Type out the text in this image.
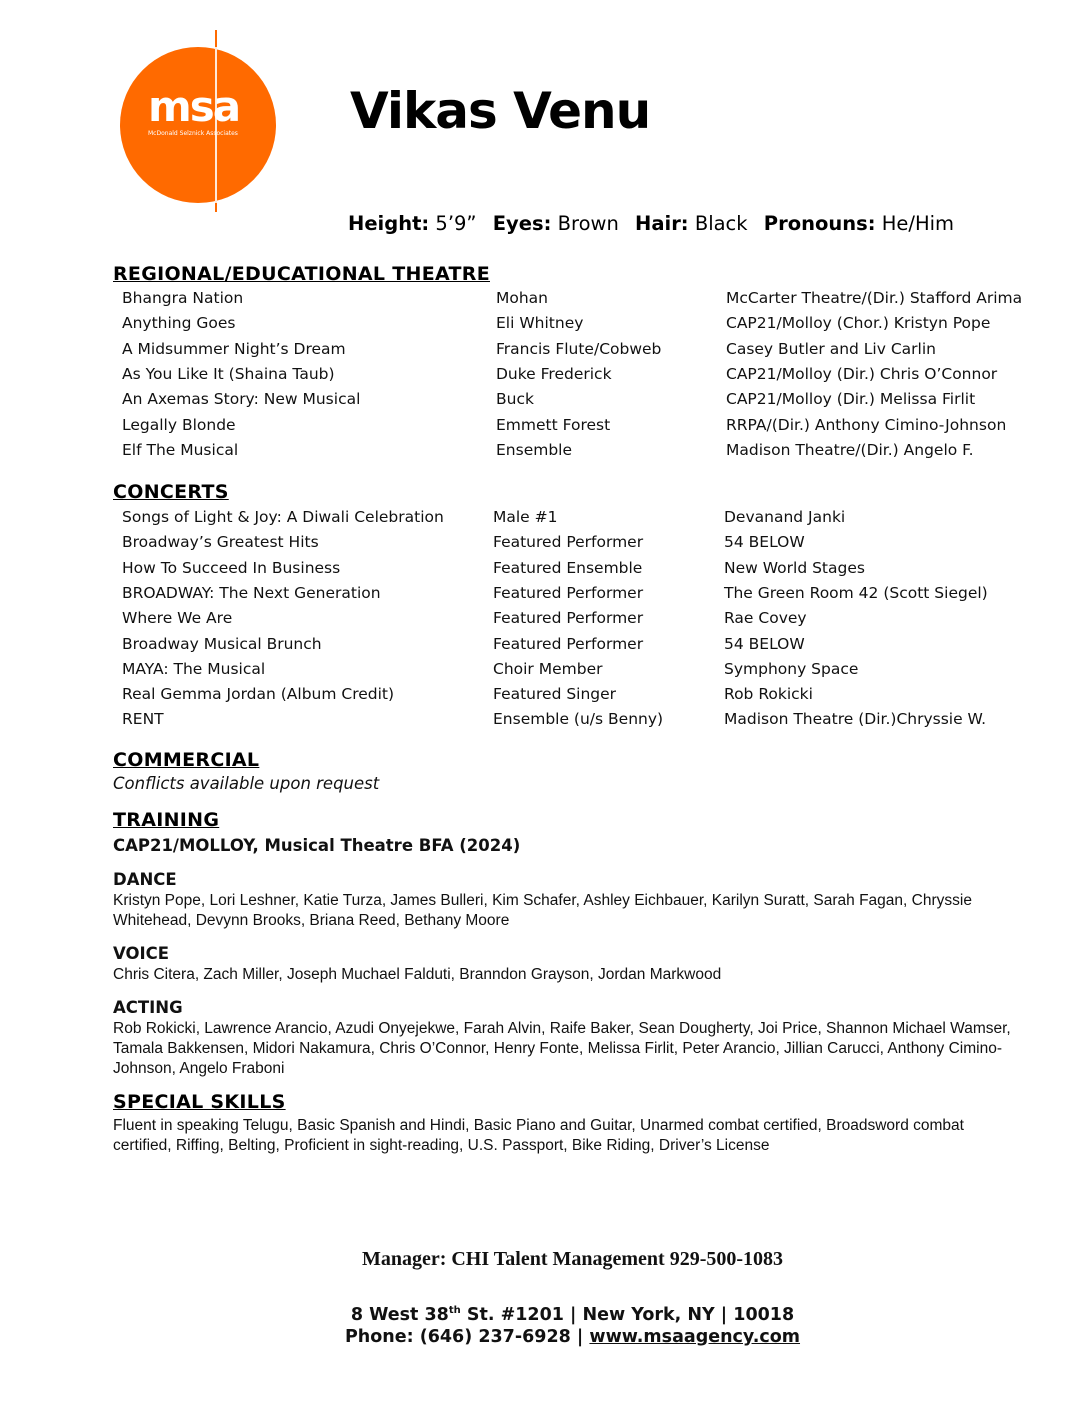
msa
McDonald Selznick Associates	Vikas Venu
Height: 5’9” Eyes: Brown Hair: Black Pronouns: He/Him
REGIONAL/EDUCATIONAL THEATRE
Bhangra Nation	Mohan	McCarter Theatre/(Dir.) Stafford Arima
Anything Goes	Eli Whitney	CAP21/Molloy (Chor.) Kristyn Pope
A Midsummer Night’s Dream	Francis Flute/Cobweb	Casey Butler and Liv Carlin
As You Like It (Shaina Taub)	Duke Frederick	CAP21/Molloy (Dir.) Chris O’Connor
An Axemas Story: New Musical	Buck	CAP21/Molloy (Dir.) Melissa Firlit
Legally Blonde	Emmett Forest	RRPA/(Dir.) Anthony Cimino-Johnson
Elf The Musical	Ensemble	Madison Theatre/(Dir.) Angelo F.
CONCERTS
Songs of Light & Joy: A Diwali Celebration	Male #1	Devanand Janki
Broadway’s Greatest Hits	Featured Performer	54 BELOW
How To Succeed In Business	Featured Ensemble	New World Stages
BROADWAY: The Next Generation	Featured Performer	The Green Room 42 (Scott Siegel)
Where We Are	Featured Performer	Rae Covey
Broadway Musical Brunch	Featured Performer	54 BELOW
MAYA: The Musical	Choir Member	Symphony Space
Real Gemma Jordan (Album Credit)	Featured Singer	Rob Rokicki
RENT	Ensemble (u/s Benny)	Madison Theatre (Dir.)Chryssie W.
COMMERCIAL
Conflicts available upon request
TRAINING
CAP21/MOLLOY, Musical Theatre BFA (2024)
DANCE
Kristyn Pope, Lori Leshner, Katie Turza, James Bulleri, Kim Schafer, Ashley Eichbauer, Karilyn Suratt, Sarah Fagan, Chryssie Whitehead, Devynn Brooks, Briana Reed, Bethany Moore
VOICE
Chris Citera, Zach Miller, Joseph Muchael Falduti, Branndon Grayson, Jordan Markwood
ACTING
Rob Rokicki, Lawrence Arancio, Azudi Onyejekwe, Farah Alvin, Raife Baker, Sean Dougherty, Joi Price, Shannon Michael Wamser, Tamala Bakkensen, Midori Nakamura, Chris O’Connor, Henry Fonte, Melissa Firlit, Peter Arancio, Jillian Carucci, Anthony Cimino-Johnson, Angelo Fraboni
SPECIAL SKILLS
Fluent in speaking Telugu, Basic Spanish and Hindi, Basic Piano and Guitar, Unarmed combat certified, Broadsword combat certified, Riffing, Belting, Proficient in sight-reading, U.S. Passport, Bike Riding, Driver’s License
Manager: CHI Talent Management 929-500-1083
8 West 38th St. #1201 | New York, NY | 10018
Phone: (646) 237-6928 | www.msaagency.com
